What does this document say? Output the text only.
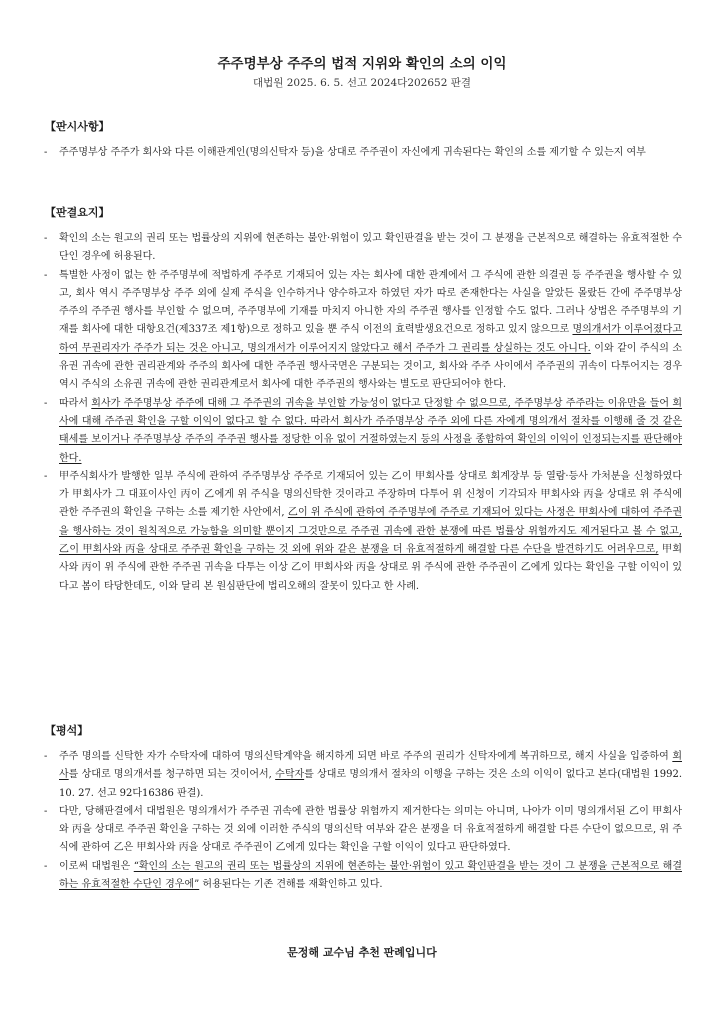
주주명부상 주주의 법적 지위와 확인의 소의 이익
대법원 2025. 6. 5. 선고 2024다202652 판결
【판시사항】

- 주주명부상 주주가 회사와 다른 이해관계인(명의신탁자 등)을 상대로 주주권이 자신에게 귀속된다는 확인의 소를 제기할 수 있는지 여부

【판결요지】

- 확인의 소는 원고의 권리 또는 법률상의 지위에 현존하는 불안·위험이 있고 확인판결을 받는 것이 그 분쟁을 근본적으로 해결하는 유효적절한 수단인 경우에 허용된다.

- 특별한 사정이 없는 한 주주명부에 적법하게 주주로 기재되어 있는 자는 회사에 대한 관계에서 그 주식에 관한 의결권 등 주주권을 행사할 수 있고, 회사 역시 주주명부상 주주 외에 실제 주식을 인수하거나 양수하고자 하였던 자가 따로 존재한다는 사실을 알았든 몰랐든 간에 주주명부상 주주의 주주권 행사를 부인할 수 없으며, 주주명부에 기재를 마치지 아니한 자의 주주권 행사를 인정할 수도 없다. 그러나 상법은 주주명부의 기재를 회사에 대한 대항요건(제337조 제1항)으로 정하고 있을 뿐 주식 이전의 효력발생요건으로 정하고 있지 않으므로 명의개서가 이루어졌다고 하여 무권리자가 주주가 되는 것은 아니고, 명의개서가 이루어지지 않았다고 해서 주주가 그 권리를 상실하는 것도 아니다. 이와 같이 주식의 소유권 귀속에 관한 권리관계와 주주의 회사에 대한 주주권 행사국면은 구분되는 것이고, 회사와 주주 사이에서 주주권의 귀속이 다투어지는 경우 역시 주식의 소유권 귀속에 관한 권리관계로서 회사에 대한 주주권의 행사와는 별도로 판단되어야 한다.

- 따라서 회사가 주주명부상 주주에 대해 그 주주권의 귀속을 부인할 가능성이 없다고 단정할 수 없으므로, 주주명부상 주주라는 이유만을 들어 회사에 대해 주주권 확인을 구할 이익이 없다고 할 수 없다. 따라서 회사가 주주명부상 주주 외에 다른 자에게 명의개서 절차를 이행해 줄 것 같은 태세를 보이거나 주주명부상 주주의 주주권 행사를 정당한 이유 없이 거절하였는지 등의 사정을 종합하여 확인의 이익이 인정되는지를 판단해야 한다.

- 甲주식회사가 발행한 일부 주식에 관하여 주주명부상 주주로 기재되어 있는 乙이 甲회사를 상대로 회계장부 등 열람·등사 가처분을 신청하였다가 甲회사가 그 대표이사인 丙이 乙에게 위 주식을 명의신탁한 것이라고 주장하며 다투어 위 신청이 기각되자 甲회사와 丙을 상대로 위 주식에 관한 주주권의 확인을 구하는 소를 제기한 사안에서, 乙이 위 주식에 관하여 주주명부에 주주로 기재되어 있다는 사정은 甲회사에 대하여 주주권을 행사하는 것이 원칙적으로 가능함을 의미할 뿐이지 그것만으로 주주권 귀속에 관한 분쟁에 따른 법률상 위험까지도 제거된다고 볼 수 없고, 乙이 甲회사와 丙을 상대로 주주권 확인을 구하는 것 외에 위와 같은 분쟁을 더 유효적절하게 해결할 다른 수단을 발견하기도 어려우므로, 甲회사와 丙이 위 주식에 관한 주주권 귀속을 다투는 이상 乙이 甲회사와 丙을 상대로 위 주식에 관한 주주권이 乙에게 있다는 확인을 구할 이익이 있다고 봄이 타당한데도, 이와 달리 본 원심판단에 법리오해의 잘못이 있다고 한 사례.

【평석】

- 주주 명의를 신탁한 자가 수탁자에 대하여 명의신탁계약을 해지하게 되면 바로 주주의 권리가 신탁자에게 복귀하므로, 해지 사실을 입증하여 회사를 상대로 명의개서를 청구하면 되는 것이어서, 수탁자를 상대로 명의개서 절차의 이행을 구하는 것은 소의 이익이 없다고 본다(대법원 1992. 10. 27. 선고 92다16386 판결).

- 다만, 당해판결에서 대법원은 명의개서가 주주권 귀속에 관한 법률상 위험까지 제거한다는 의미는 아니며, 나아가 이미 명의개서된 乙이 甲회사와 丙을 상대로 주주권 확인을 구하는 것 외에 이러한 주식의 명의신탁 여부와 같은 분쟁을 더 유효적절하게 해결할 다른 수단이 없으므로, 위 주식에 관하여 乙은 甲회사와 丙을 상대로 주주권이 乙에게 있다는 확인을 구할 이익이 있다고 판단하였다.

- 이로써 대법원은 “확인의 소는 원고의 권리 또는 법률상의 지위에 현존하는 불안·위험이 있고 확인판결을 받는 것이 그 분쟁을 근본적으로 해결하는 유효적절한 수단인 경우에” 허용된다는 기존 견해를 재확인하고 있다.

문정해 교수님 추천 판례입니다
